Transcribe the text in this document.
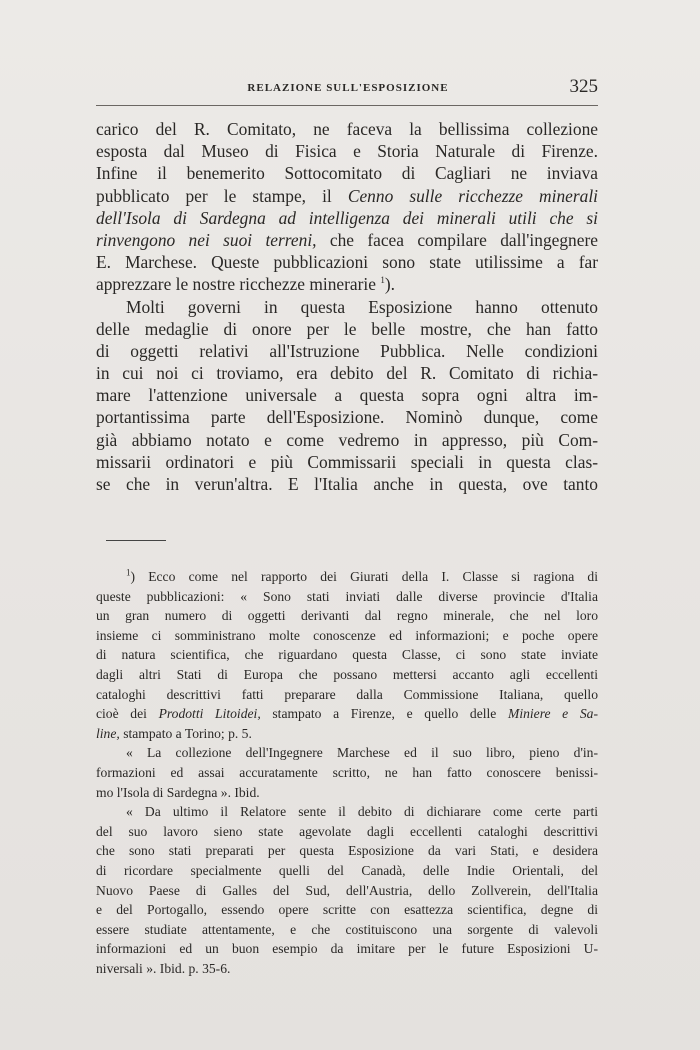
RELAZIONE SULL'ESPOSIZIONE	325
carico del R. Comitato, ne faceva la bellissima collezione
esposta dal Museo di Fisica e Storia Naturale di Firenze.
Infine il benemerito Sottocomitato di Cagliari ne inviava
pubblicato per le stampe, il Cenno sulle ricchezze minerali
dell'Isola di Sardegna ad intelligenza dei minerali utili che si
rinvengono nei suoi terreni, che facea compilare dall'ingegnere
E. Marchese. Queste pubblicazioni sono state utilissime a far
apprezzare le nostre ricchezze minerarie $^1$).
Molti governi in questa Esposizione hanno ottenuto
delle medaglie di onore per le belle mostre, che han fatto
di oggetti relativi all'Istruzione Pubblica. Nelle condizioni
in cui noi ci troviamo, era debito del R. Comitato di richia-
mare l'attenzione universale a questa sopra ogni altra im-
portantissima parte dell'Esposizione. Nominò dunque, come
già abbiamo notato e come vedremo in appresso, più Com-
missarii ordinatori e più Commissarii speciali in questa clas-
se che in verun'altra. E l'Italia anche in questa, ove tanto
$^1$) Ecco come nel rapporto dei Giurati della I. Classe si ragiona di
queste pubblicazioni: « Sono stati inviati dalle diverse provincie d'Italia
un gran numero di oggetti derivanti dal regno minerale, che nel loro
insieme ci somministrano molte conoscenze ed informazioni; e poche opere
di natura scientifica, che riguardano questa Classe, ci sono state inviate
dagli altri Stati di Europa che possano mettersi accanto agli eccellenti
cataloghi descrittivi fatti preparare dalla Commissione Italiana, quello
cioè dei Prodotti Litoidei, stampato a Firenze, e quello delle Miniere e Sa-
line, stampato a Torino; p. 5.
« La collezione dell'Ingegnere Marchese ed il suo libro, pieno d'in-
formazioni ed assai accuratamente scritto, ne han fatto conoscere benissi-
mo l'Isola di Sardegna ». Ibid.
« Da ultimo il Relatore sente il debito di dichiarare come certe parti
del suo lavoro sieno state agevolate dagli eccellenti cataloghi descrittivi
che sono stati preparati per questa Esposizione da vari Stati, e desidera
di ricordare specialmente quelli del Canadà, delle Indie Orientali, del
Nuovo Paese di Galles del Sud, dell'Austria, dello Zollverein, dell'Italia
e del Portogallo, essendo opere scritte con esattezza scientifica, degne di
essere studiate attentamente, e che costituiscono una sorgente di valevoli
informazioni ed un buon esempio da imitare per le future Esposizioni U-
niversali ». Ibid. p. 35-6.
